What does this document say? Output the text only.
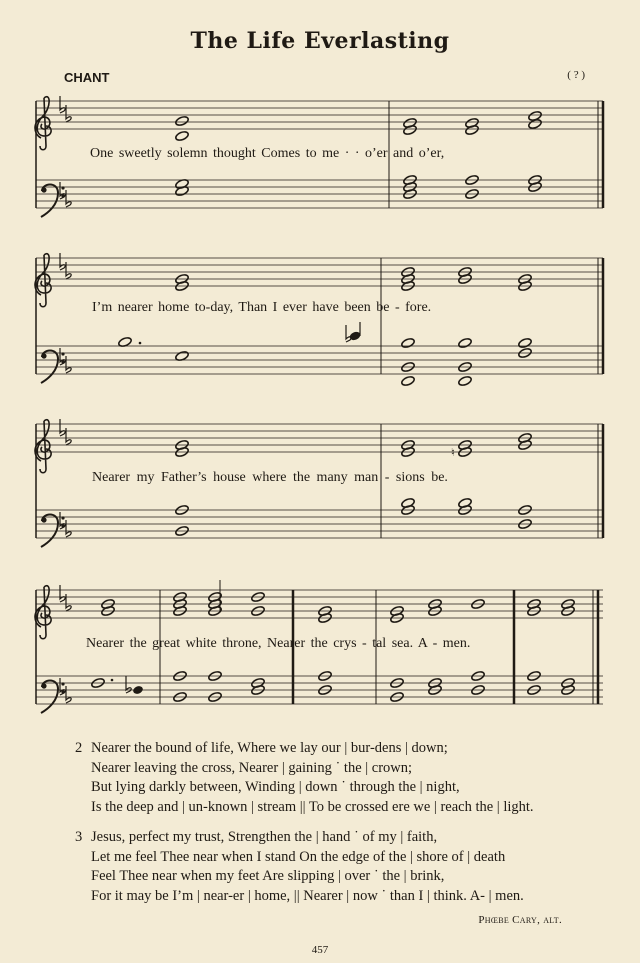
The Life Everlasting
CHANT	( ? )
♮
One sweetly solemn thought Comes to me · · o’er and o’er,
I’m nearer home to-day, Than I ever have been be - fore.
Nearer my Father’s house where the many man - sions be.
Nearer the great white throne, Nearer the crys - tal sea. A - men.
2 Nearer the bound of life, Where we lay our | bur-dens | down;
Nearer leaving the cross, Nearer | gaining ˙ the | crown;
But lying darkly between, Winding | down ˙ through the | night,
Is the deep and | un-known | stream || To be crossed ere we | reach the | light.
3 Jesus, perfect my trust, Strengthen the | hand ˙ of my | faith,
Let me feel Thee near when I stand On the edge of the | shore of | death
Feel Thee near when my feet Are slipping | over ˙ the | brink,
For it may be I’m | near-er | home, || Nearer | now ˙ than I | think. A- | men.
Phœbe Cary, alt.
457
